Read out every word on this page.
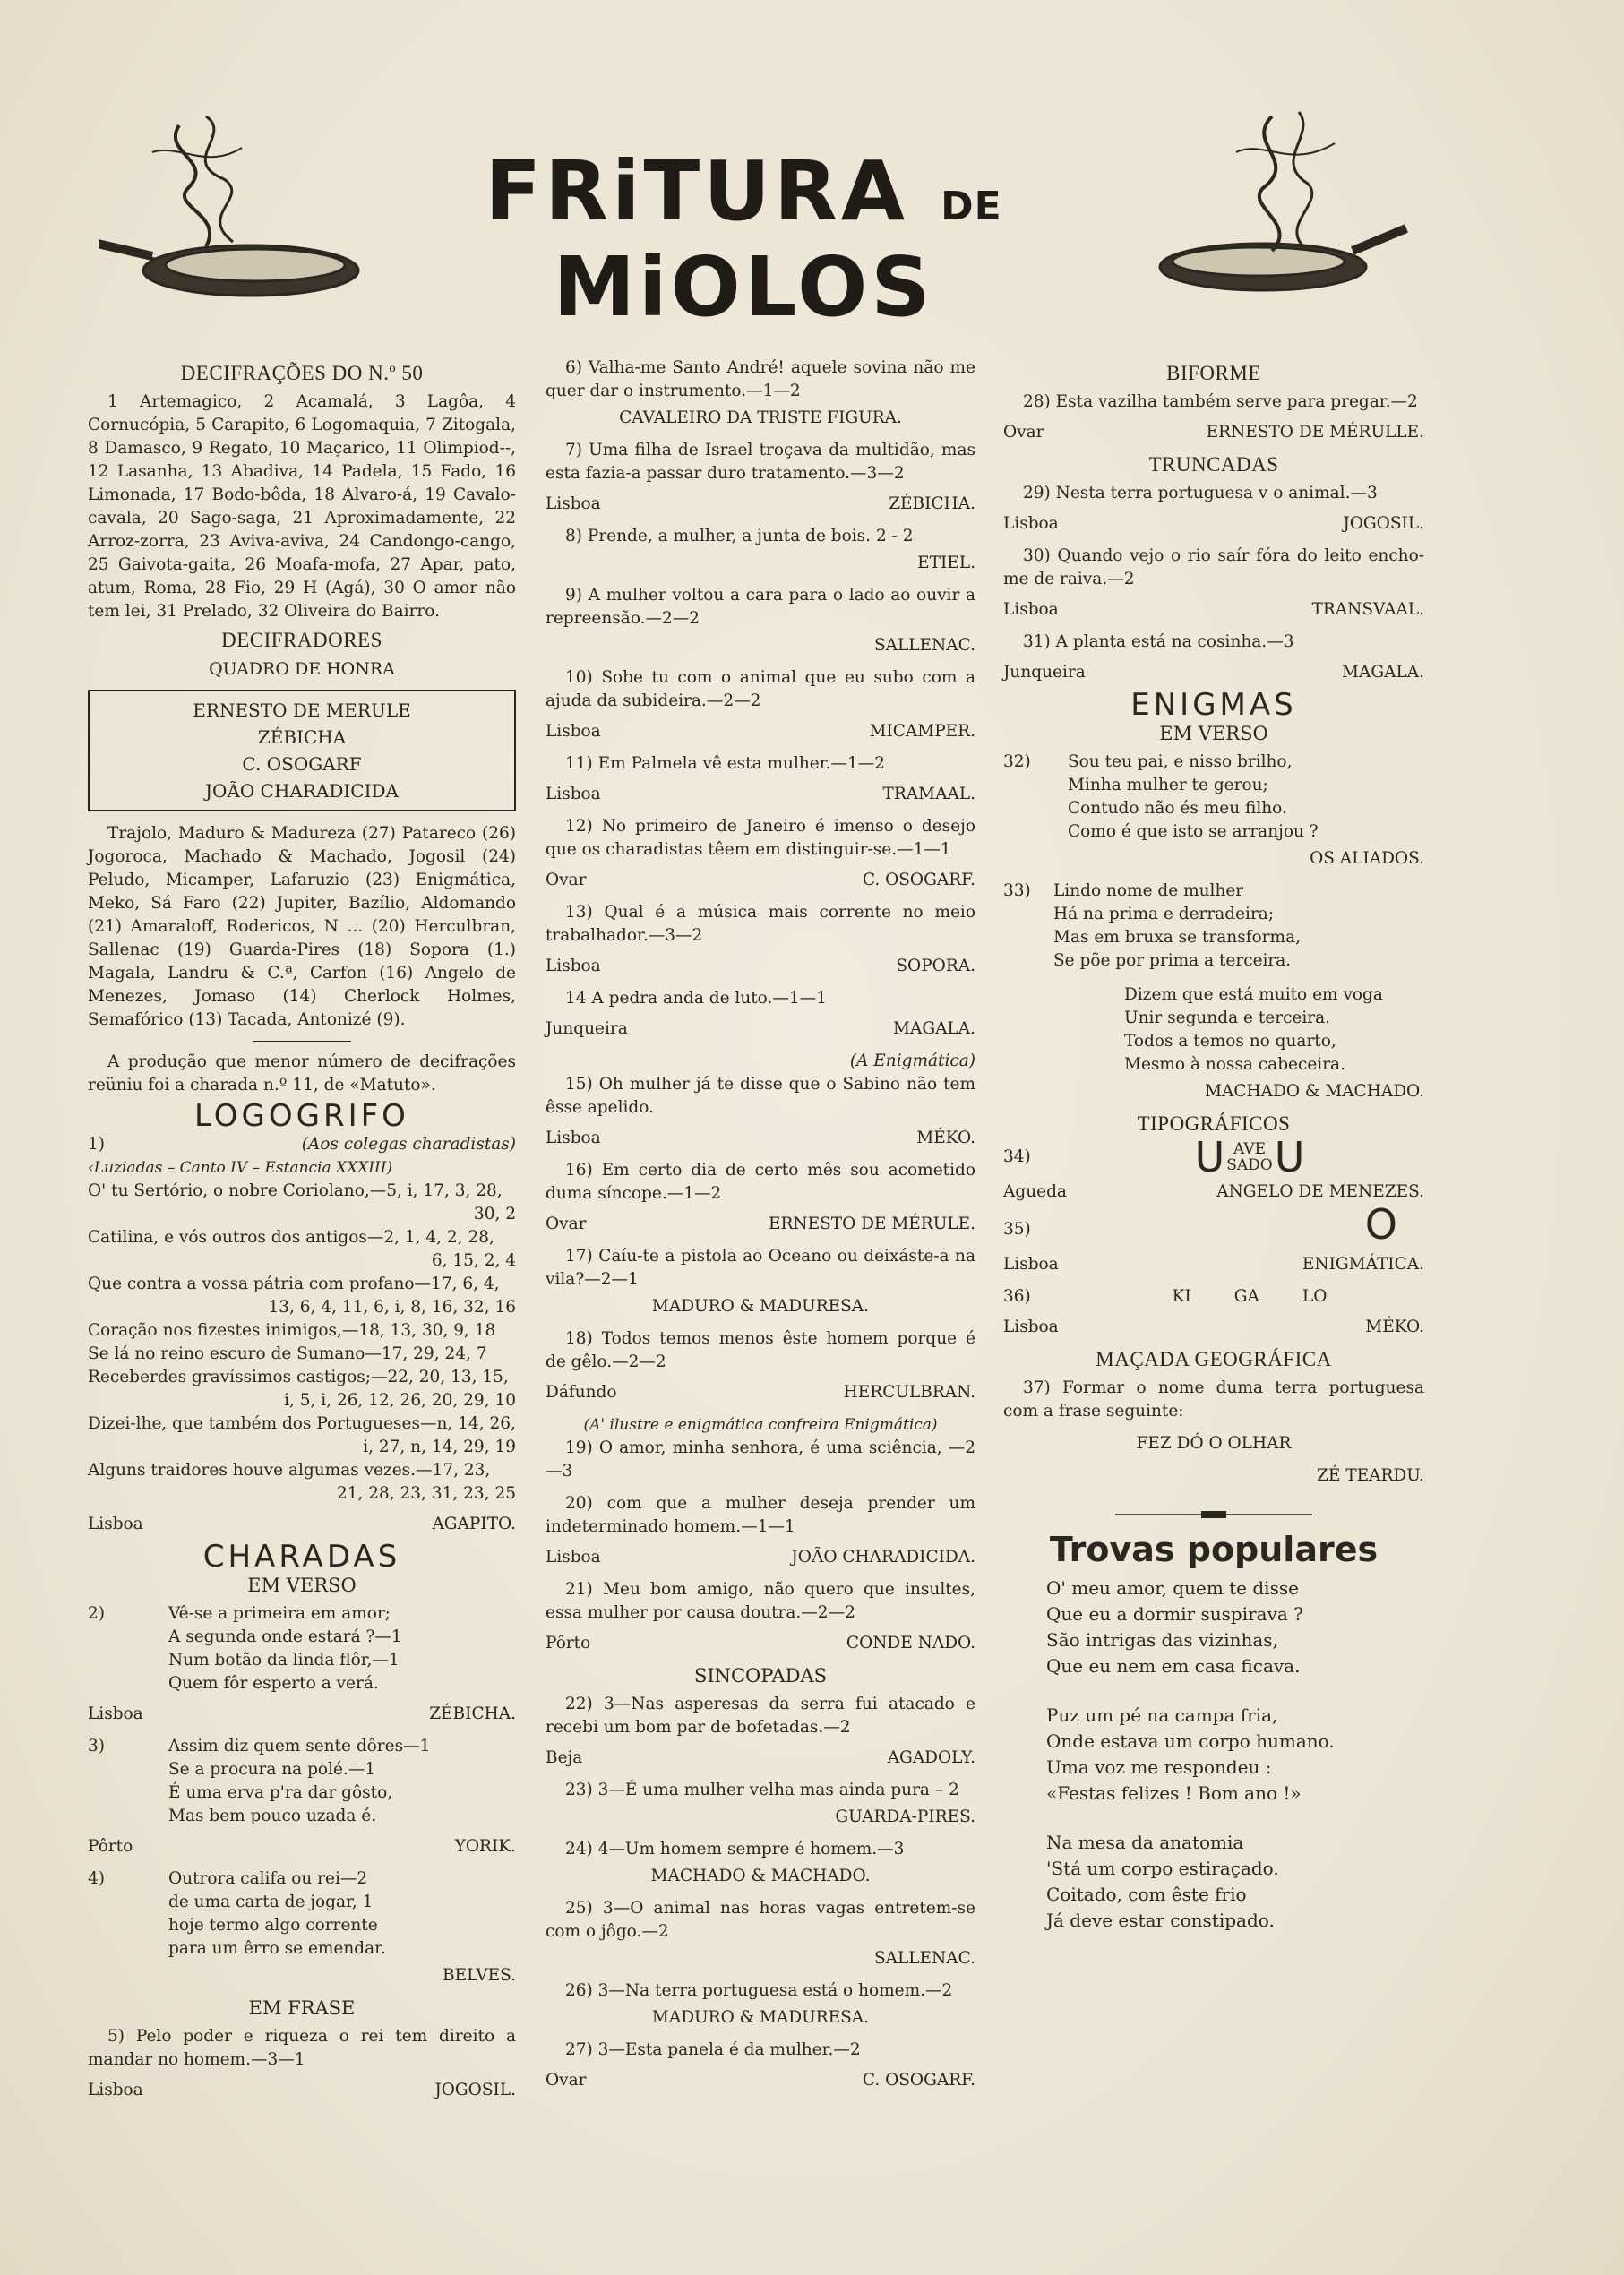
FRiTURA DE MiOLOS

DECIFRAÇÕES DO N.º 50

1 Artemagico, 2 Acamalá, 3 Lagôa, 4 Cornucópia, 5 Carapito, 6 Logomaquia, 7 Zitogala, 8 Damasco, 9 Regato, 10 Maçarico, 11 Olimpiod--, 12 Lasanha, 13 Abadiva, 14 Padela, 15 Fado, 16 Limonada, 17 Bodo-bôda, 18 Alvaro-á, 19 Cavalo-cavala, 20 Sago-saga, 21 Aproximadamente, 22 Arroz-zorra, 23 Aviva-aviva, 24 Candongo-cango, 25 Gaivota-gaita, 26 Moafa-mofa, 27 Apar, pato, atum, Roma, 28 Fio, 29 H (Agá), 30 O amor não tem lei, 31 Prelado, 32 Oliveira do Bairro.

DECIFRADORES

QUADRO DE HONRA

ERNESTO DE MERULE
ZÉBICHA
C. OSOGARF
JOÃO CHARADICIDA

Trajolo, Maduro & Madureza (27) Patareco (26) Jogoroca, Machado & Machado, Jogosil (24) Peludo, Micamper, Lafaruzio (23) Enigmática, Meko, Sá Faro (22) Jupiter, Bazílio, Aldomando (21) Amaraloff, Rodericos, N ... (20) Herculbran, Sallenac (19) Guarda-Pires (18) Sopora (1.) Magala, Landru & C.ª, Carfon (16) Angelo de Menezes, Jomaso (14) Cherlock Holmes, Semafórico (13) Tacada, Antonizé (9).

A produção que menor número de decifrações reüniu foi a charada n.º 11, de «Matuto».

LOGOGRIFO

1)	(Aos colegas charadistas)

‹Luziadas – Canto IV – Estancia XXXIII)

O' tu Sertório, o nobre Coriolano,—5, i, 17, 3, 28,

30, 2

Catilina, e vós outros dos antigos—2, 1, 4, 2, 28,

6, 15, 2, 4

Que contra a vossa pátria com profano—17, 6, 4,

13, 6, 4, 11, 6, i, 8, 16, 32, 16

Coração nos fizestes inimigos,—18, 13, 30, 9, 18

Se lá no reino escuro de Sumano—17, 29, 24, 7

Receberdes gravíssimos castigos;—22, 20, 13, 15,

i, 5, i, 26, 12, 26, 20, 29, 10

Dizei-lhe, que também dos Portugueses—n, 14, 26,

i, 27, n, 14, 29, 19

Alguns traidores houve algumas vezes.—17, 23,

21, 28, 23, 31, 23, 25

Lisboa	AGAPITO.

CHARADAS

EM VERSO

2)	Vê-se a primeira em amor;

A segunda onde estará ?—1

Num botão da linda flôr,—1

Quem fôr esperto a verá.

Lisboa	ZÉBICHA.
3)	Assim diz quem sente dôres—1

Se a procura na polé.—1

É uma erva p'ra dar gôsto,

Mas bem pouco uzada é.

Pôrto	YORIK.
4)	Outrora califa ou rei—2

de uma carta de jogar, 1

hoje termo algo corrente

para um êrro se emendar.

BELVES.

EM FRASE

5) Pelo poder e riqueza o rei tem direito a mandar no homem.—3—1

Lisboa	JOGOSIL.

6) Valha-me Santo André! aquele sovina não me quer dar o instrumento.—1—2

CAVALEIRO DA TRISTE FIGURA.

7) Uma filha de Israel troçava da multidão, mas esta fazia-a passar duro tratamento.—3—2

Lisboa	ZÉBICHA.

8) Prende, a mulher, a junta de bois. 2 - 2

ETIEL.

9) A mulher voltou a cara para o lado ao ouvir a repreensão.—2—2

SALLENAC.

10) Sobe tu com o animal que eu subo com a ajuda da subideira.—2—2

Lisboa	MICAMPER.

11) Em Palmela vê esta mulher.—1—2

Lisboa	TRAMAAL.

12) No primeiro de Janeiro é imenso o desejo que os charadistas têem em distinguir-se.—1—1

Ovar	C. OSOGARF.

13) Qual é a música mais corrente no meio trabalhador.—3—2

Lisboa	SOPORA.

14 A pedra anda de luto.—1—1

Junqueira	MAGALA.

(A Enigmática)

15) Oh mulher já te disse que o Sabino não tem êsse apelido.

Lisboa	MÉKO.

16) Em certo dia de certo mês sou acometido duma síncope.—1—2

Ovar	ERNESTO DE MÉRULE.

17) Caíu-te a pistola ao Oceano ou deixáste-a na vila?—2—1

MADURO & MADURESA.

18) Todos temos menos êste homem porque é de gêlo.—2—2

Dáfundo	HERCULBRAN.

(A' ilustre e enigmática confreira Enigmática)

19) O amor, minha senhora, é uma sciência, —2—3

20) com que a mulher deseja prender um indeterminado homem.—1—1

Lisboa	JOÃO CHARADICIDA.

21) Meu bom amigo, não quero que insultes, essa mulher por causa doutra.—2—2

Pôrto	CONDE NADO.

SINCOPADAS

22) 3—Nas asperesas da serra fui atacado e recebi um bom par de bofetadas.—2

Beja	AGADOLY.

23) 3—É uma mulher velha mas ainda pura – 2

GUARDA-PIRES.

24) 4—Um homem sempre é homem.—3

MACHADO & MACHADO.

25) 3—O animal nas horas vagas entretem-se com o jôgo.—2

SALLENAC.

26) 3—Na terra portuguesa está o homem.—2

MADURO & MADURESA.

27) 3—Esta panela é da mulher.—2

Ovar	C. OSOGARF.

BIFORME

28) Esta vazilha também serve para pregar.—2

Ovar	ERNESTO DE MÉRULLE.

TRUNCADAS

29) Nesta terra portuguesa v o animal.—3

Lisboa	JOGOSIL.

30) Quando vejo o rio saír fóra do leito encho-me de raiva.—2

Lisboa	TRANSVAAL.

31) A planta está na cosinha.—3

Junqueira	MAGALA.

ENIGMAS

EM VERSO

32)	Sou teu pai, e nisso brilho,

Minha mulher te gerou;

Contudo não és meu filho.

Como é que isto se arranjou ?

OS ALIADOS.

33)	Lindo nome de mulher

Há na prima e derradeira;

Mas em bruxa se transforma,

Se põe por prima a terceira.

Dizem que está muito em voga

Unir segunda e terceira.

Todos a temos no quarto,

Mesmo à nossa cabeceira.

MACHADO & MACHADO.

TIPOGRÁFICOS

34)	U AVE
SADOU
Agueda	ANGELO DE MENEZES.
35)	O
Lisboa	ENIGMÁTICA.
36)	KI	GA	LO
Lisboa	MÉKO.

MAÇADA GEOGRÁFICA

37) Formar o nome duma terra portuguesa com a frase seguinte:

FEZ DÓ O OLHAR

ZÉ TEARDU.

Trovas populares

O' meu amor, quem te disse

Que eu a dormir suspirava ?

São intrigas das vizinhas,

Que eu nem em casa ficava.

Puz um pé na campa fria,

Onde estava um corpo humano.

Uma voz me respondeu :

«Festas felizes ! Bom ano !»

Na mesa da anatomia

'Stá um corpo estiraçado.

Coitado, com êste frio

Já deve estar constipado.
